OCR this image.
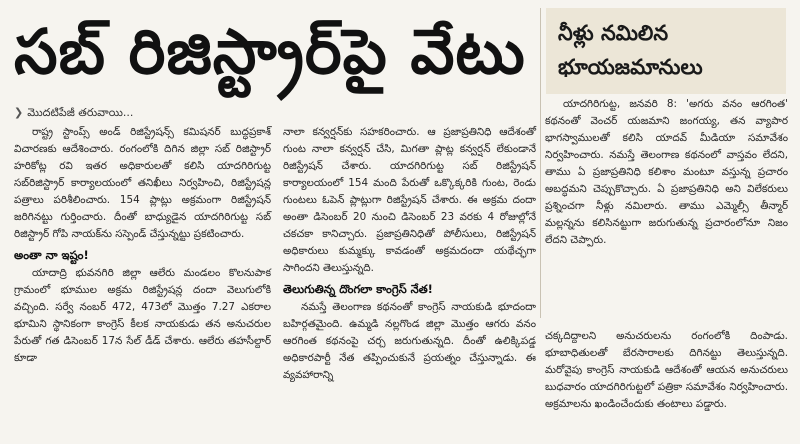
సబ్ రిజిస్ట్రార్‌పై వేటు
❯ మొదటిపేజీ తరువాయి...

రాష్ట్ర స్టాంప్స్ అండ్ రిజిస్ట్రేషన్స్ కమిషనర్ బుద్ధప్రకాశ్ విచారణకు ఆదేశించారు. రంగంలోకి దిగిన జిల్లా సబ్ రిజిస్ట్రార్ హరికోట్ల రవి ఇతర అధికారులతో కలిసి యాదగిరిగుట్ట సబ్‌రిజిస్ట్రార్ కార్యాలయంలో తనిఖీలు నిర్వహించి, రిజిస్ట్రేషన్ల పత్రాలు పరిశీలించారు. 154 ప్లాట్లు అక్రమంగా రిజిస్ట్రేషన్ జరిగినట్టు గుర్తించారు. దీంతో బాధ్యుడైన యాదగిరిగుట్ట సబ్ రిజిస్ట్రార్ గోపి నాయక్‌ను సస్పెండ్ చేస్తున్నట్టు ప్రకటించారు.

అంతా నా ఇష్టం!

యాదాద్రి భువనగిరి జిల్లా ఆలేరు మండలం కొలనుపాక గ్రామంలో భూముల అక్రమ రిజిస్ట్రేషన్ల దందా వెలుగులోకి వచ్చింది. సర్వే నంబర్ 472, 473లో మొత్తం 7.27 ఎకరాల భూమిని స్థానికంగా కాంగ్రెస్ కీలక నాయకుడు తన అనుచరుల పేరుతో గత డిసెంబర్ 17న సేల్ డీడ్ చేశారు. ఆలేరు తహసీల్దార్ కూడా

నాలా కన్వర్షన్‌కు సహకరించారు. ఆ ప్రజాప్రతినిధి ఆదేశంతో గుంట నాలా కన్వర్షన్ చేసి, మిగతా ప్లాట్ల కన్వర్షన్ లేకుండానే రిజిస్ట్రేషన్ చేశారు. యాదగిరిగుట్ట సబ్ రిజిస్ట్రేషన్ కార్యాలయంలో 154 మంది పేరుతో ఒక్కొక్కరికి గుంట, రెండు గుంటలు ఓపెన్ ప్లాట్లుగా రిజిస్ట్రేషన్ చేశారు. ఈ అక్రమ దందా అంతా డిసెంబర్ 20 నుంచి డిసెంబర్ 23 వరకు 4 రోజుల్లోనే చకచకా కానిచ్చారు. ప్రజాప్రతినిధితో పోలీసులు, రిజిస్ట్రేషన్ అధికారులు కుమ్మక్కు కావడంతో అక్రమదందా యథేచ్ఛగా సాగిందని తెలుస్తున్నది.

తెలుగుతిన్న దొంగలా కాంగ్రెస్ నేత!

నమస్తే తెలంగాణ కథనంతో కాంగ్రెస్ నాయకుడి భూదందా బహిర్గతమైంది. ఉమ్మడి నల్లగొండ జిల్లా మొత్తం ఆగరు వనం ఆరగింత కథనంపై చర్చ జరుగుతున్నది. దీంతో ఉలిక్కిపడ్డ అధికారపార్టీ నేత తప్పించుకునే ప్రయత్నం చేస్తున్నాడు. ఈ వ్యవహారాన్ని

నీళ్లు నమిలిన
భూయజమానులు

యాదగిరిగుట్ట, జనవరి 8: 'అగరు వనం ఆరగింత' కథనంతో వెంచర్ యజమాని జంగయ్య, తన వ్యాపార భాగస్వాములతో కలిసి యాదవ్ మీడియా సమావేశం నిర్వహించారు. నమస్తే తెలంగాణ కథనంలో వాస్తవం లేదని, తాము ఏ ప్రజాప్రతినిధి కలిశాం మంటూ వస్తున్న ప్రచారం అబద్ధమని చెప్పుకొచ్చారు. ఏ ప్రజాప్రతినిధి అని విలేకరులు ప్రశ్నించగా నీళ్లు నమిలారు. తాము ఎమ్మెల్సీ తీన్మార్ మల్లన్నను కలిసినట్టుగా జరుగుతున్న ప్రచారంలోనూ నిజం లేదని చెప్పారు.

చక్కదిద్దాలని అనుచరులను రంగంలోకి దింపాడు. భూబాధితులతో బేరసారాలకు దిగినట్టు తెలుస్తున్నది. మరోవైపు కాంగ్రెస్ నాయకుడి ఆదేశంతో ఆయన అనుచరులు బుధవారం యాదగిరిగుట్టలో పత్రికా సమావేశం నిర్వహించారు. అక్రమాలను ఖండించేందుకు తంటాలు పడ్డారు.
